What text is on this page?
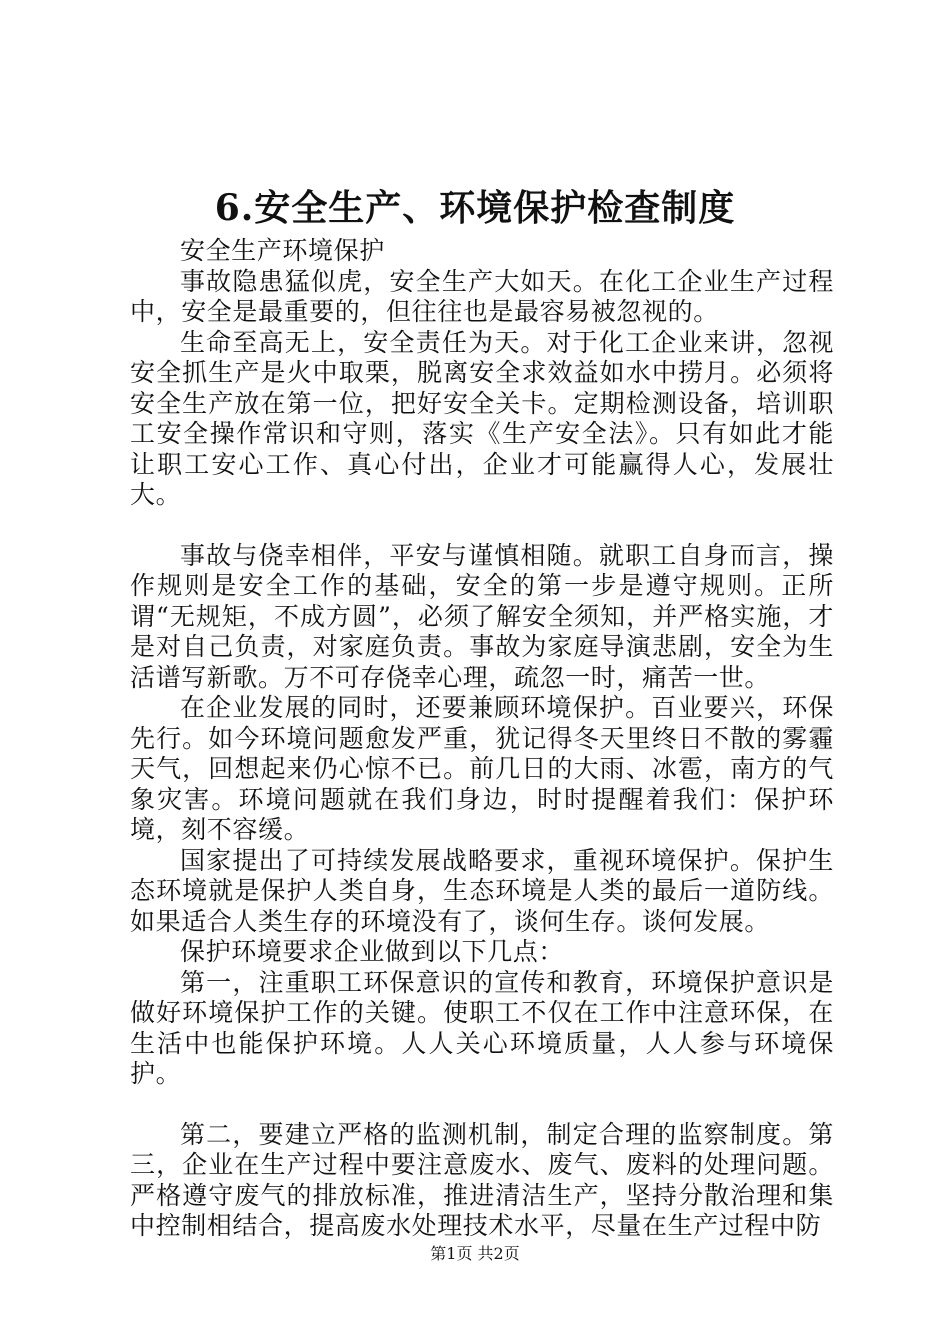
6.安全生产、环境保护检查制度

安全生产环境保护

事故隐患猛似虎，安全生产大如天。在化工企业生产过程中，安全是最重要的，但往往也是最容易被忽视的。

生命至高无上，安全责任为天。对于化工企业来讲，忽视安全抓生产是火中取栗，脱离安全求效益如水中捞月。必须将安全生产放在第一位，把好安全关卡。定期检测设备，培训职工安全操作常识和守则，落实《生产安全法》。只有如此才能让职工安心工作、真心付出，企业才可能赢得人心，发展壮大。

事故与侥幸相伴，平安与谨慎相随。就职工自身而言，操作规则是安全工作的基础，安全的第一步是遵守规则。正所谓“无规矩，不成方圆”，必须了解安全须知，并严格实施，才是对自己负责，对家庭负责。事故为家庭导演悲剧，安全为生活谱写新歌。万不可存侥幸心理，疏忽一时，痛苦一世。

在企业发展的同时，还要兼顾环境保护。百业要兴，环保先行。如今环境问题愈发严重，犹记得冬天里终日不散的雾霾天气，回想起来仍心惊不已。前几日的大雨、冰雹，南方的气象灾害。环境问题就在我们身边，时时提醒着我们：保护环境，刻不容缓。

国家提出了可持续发展战略要求，重视环境保护。保护生态环境就是保护人类自身，生态环境是人类的最后一道防线。如果适合人类生存的环境没有了，谈何生存。谈何发展。

保护环境要求企业做到以下几点：

第一，注重职工环保意识的宣传和教育，环境保护意识是做好环境保护工作的关键。使职工不仅在工作中注意环保，在生活中也能保护环境。人人关心环境质量，人人参与环境保护。

第二，要建立严格的监测机制，制定合理的监察制度。第三，企业在生产过程中要注意废水、废气、废料的处理问题。严格遵守废气的排放标准，推进清洁生产，坚持分散治理和集中控制相结合，提高废水处理技术水平，尽量在生产过程中防

第1页 共2页
